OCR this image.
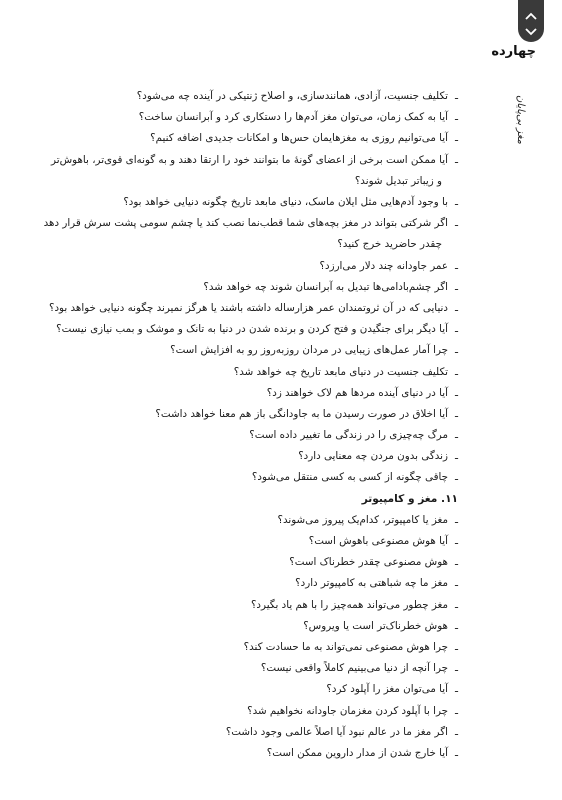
چهارده
مغز بی‌پایان
ـتکلیف جنسیت، آزادی، همانندسازی، و اصلاح ژنتیکی در آینده چه می‌شود؟
ـآیا به کمک زمان، می‌توان مغز آدم‌ها را دستکاری کرد و آبرانسان ساخت؟
ـآیا می‌توانیم روزی به مغزهایمان حس‌ها و امکانات جدیدی اضافه کنیم؟
ـآیا ممکن است برخی از اعضای گونهٔ ما بتوانند خود را ارتقا دهند و به گونه‌ای قوی‌تر، باهوش‌تر
و زیباتر تبدیل شوند؟
ـبا وجود آدم‌هایی مثل ایلان ماسک، دنیای مابعد تاریخ چگونه دنیایی خواهد بود؟
ـاگر شرکتی بتواند در مغز بچه‌های شما قطب‌نما نصب کند یا چشم سومی پشت سرش قرار دهد
چقدر حاضرید خرج کنید؟
ـعمر جاودانه چند دلار می‌ارزد؟
ـاگر چشم‌بادامی‌ها تبدیل به آبرانسان شوند چه خواهد شد؟
ـدنیایی که در آن ثروتمندان عمر هزارساله داشته باشند یا هرگز نمیرند چگونه دنیایی خواهد بود؟
ـآیا دیگر برای جنگیدن و فتح کردن و برنده شدن در دنیا به تانک و موشک و بمب نیازی نیست؟
ـچرا آمار عمل‌های زیبایی در مردان روزبه‌روز رو به افزایش است؟
ـتکلیف جنسیت در دنیای مابعد تاریخ چه خواهد شد؟
ـآیا در دنیای آینده مردها هم لاک خواهند زد؟
ـآیا اخلاق در صورت رسیدن ما به جاودانگی باز هم معنا خواهد داشت؟
ـمرگ چه‌چیزی را در زندگی ما تغییر داده است؟
ـزندگی بدون مردن چه معنایی دارد؟
ـچاقی چگونه از کسی به کسی منتقل می‌شود؟
۱۱. مغز و کامپیوتر
ـمغز یا کامپیوتر، کدام‌یک پیروز می‌شوند؟
ـآیا هوش مصنوعی باهوش است؟
ـهوش مصنوعی چقدر خطرناک است؟
ـمغز ما چه شباهتی به کامپیوتر دارد؟
ـمغز چطور می‌تواند همه‌چیز را با هم یاد بگیرد؟
ـهوش خطرناک‌تر است یا ویروس؟
ـچرا هوش مصنوعی نمی‌تواند به ما حسادت کند؟
ـچرا آنچه از دنیا می‌بینیم کاملاً واقعی نیست؟
ـآیا می‌توان مغز را آپلود کرد؟
ـچرا با آپلود کردن مغزمان جاودانه نخواهیم شد؟
ـاگر مغز ما در عالم نبود آیا اصلاً عالمی وجود داشت؟
ـآیا خارج شدن از مدار داروین ممکن است؟
